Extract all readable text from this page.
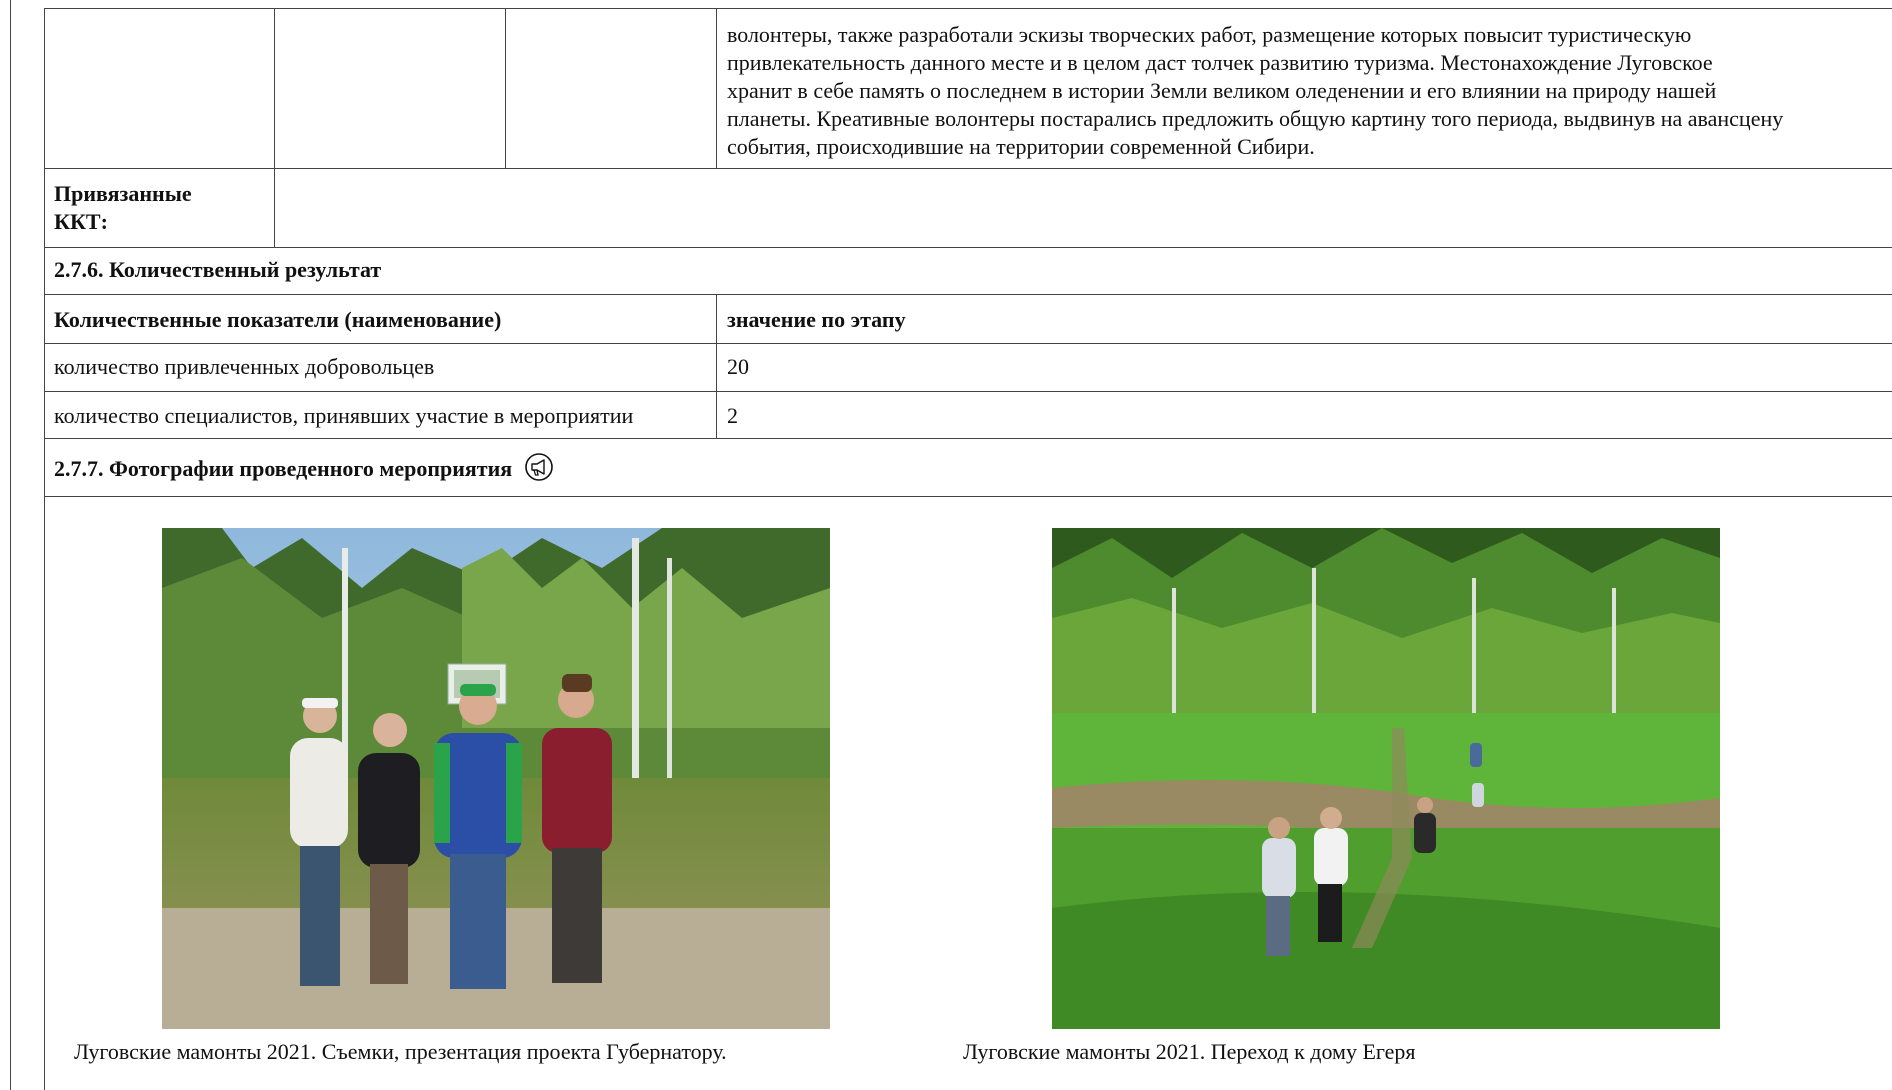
волонтеры, также разработали эскизы творческих работ, размещение которых повысит туристическую
привлекательность данного месте и в целом даст толчек развитию туризма. Местонахождение Луговское
хранит в себе память о последнем в истории Земли великом оледенении и его влиянии на природу нашей
планеты. Креативные волонтеры постарались предложить общую картину того периода, выдвинув на авансцену
события, происходившие на территории современной Сибири.
Привязанные
ККТ:
2.7.6. Количественный результат
Количественные показатели (наименование)	значение по этапу
количество привлеченных добровольцев	20
количество специалистов, принявших участие в мероприятии	2
2.7.7. Фотографии проведенного мероприятия
Луговские мамонты 2021. Съемки, презентация проекта Губернатору.	Луговские мамонты 2021. Переход к дому Егеря
